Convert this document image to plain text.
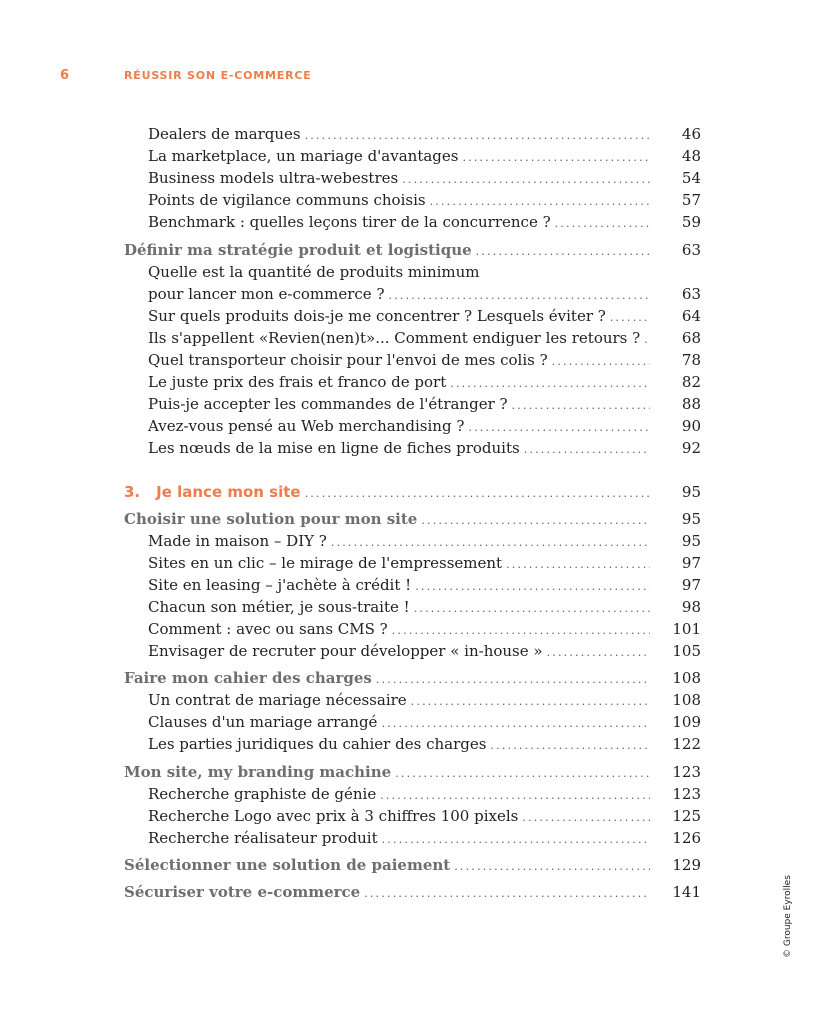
6	RÉUSSIR SON E-COMMERCE
Dealers de marques .....	46
La marketplace, un mariage d'avantages .....	48
Business models ultra-webestres .....	54
Points de vigilance communs choisis .....	57
Benchmark : quelles leçons tirer de la concurrence ? .....	59
Définir ma stratégie produit et logistique .....	63
Quelle est la quantité de produits minimum
pour lancer mon e-commerce ? .....	63
Sur quels produits dois-je me concentrer ? Lesquels éviter ? .....	64
Ils s'appellent «Revien(nen)t»... Comment endiguer les retours ? .....	68
Quel transporteur choisir pour l'envoi de mes colis ? .....	78
Le juste prix des frais et franco de port .....	82
Puis-je accepter les commandes de l'étranger ? .....	88
Avez-vous pensé au Web merchandising ? .....	90
Les nœuds de la mise en ligne de fiches produits .....	92
3. Je lance mon site .....	95
Choisir une solution pour mon site .....	95
Made in maison – DIY ? .....	95
Sites en un clic – le mirage de l'empressement .....	97
Site en leasing – j'achète à crédit ! .....	97
Chacun son métier, je sous-traite ! .....	98
Comment : avec ou sans CMS ? .....	101
Envisager de recruter pour développer « in-house » .....	105
Faire mon cahier des charges .....	108
Un contrat de mariage nécessaire .....	108
Clauses d'un mariage arrangé .....	109
Les parties juridiques du cahier des charges .....	122
Mon site, my branding machine .....	123
Recherche graphiste de génie .....	123
Recherche Logo avec prix à 3 chiffres 100 pixels .....	125
Recherche réalisateur produit .....	126
Sélectionner une solution de paiement .....	129
Sécuriser votre e-commerce .....	141	© Groupe Eyrolles
